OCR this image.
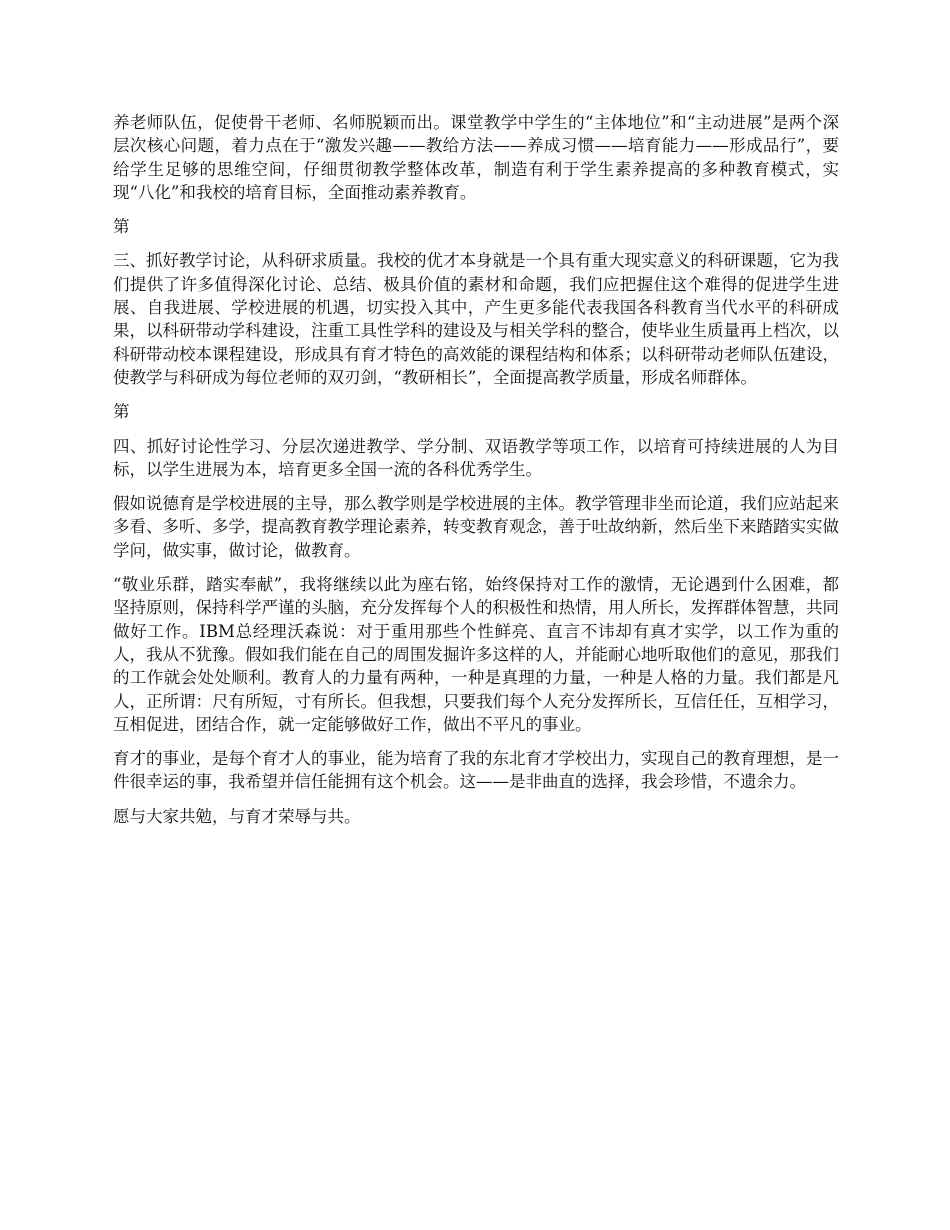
养老师队伍，促使骨干老师、名师脱颖而出。课堂教学中学生的“主体地位”和“主动进展”是两个深层次核心问题，着力点在于“激发兴趣——教给方法——养成习惯——培育能力——形成品行”，要给学生足够的思维空间，仔细贯彻教学整体改革，制造有利于学生素养提高的多种教育模式，实现“八化”和我校的培育目标，全面推动素养教育。

第

三、抓好教学讨论，从科研求质量。我校的优才本身就是一个具有重大现实意义的科研课题，它为我们提供了许多值得深化讨论、总结、极具价值的素材和命题，我们应把握住这个难得的促进学生进展、自我进展、学校进展的机遇，切实投入其中，产生更多能代表我国各科教育当代水平的科研成果，以科研带动学科建设，注重工具性学科的建设及与相关学科的整合，使毕业生质量再上档次，以科研带动校本课程建设，形成具有育才特色的高效能的课程结构和体系；以科研带动老师队伍建设，使教学与科研成为每位老师的双刃剑，“教研相长”，全面提高教学质量，形成名师群体。

第

四、抓好讨论性学习、分层次递进教学、学分制、双语教学等项工作，以培育可持续进展的人为目标，以学生进展为本，培育更多全国一流的各科优秀学生。

假如说德育是学校进展的主导，那么教学则是学校进展的主体。教学管理非坐而论道，我们应站起来多看、多听、多学，提高教育教学理论素养，转变教育观念，善于吐故纳新，然后坐下来踏踏实实做学问，做实事，做讨论，做教育。

“敬业乐群，踏实奉献”，我将继续以此为座右铭，始终保持对工作的激情，无论遇到什么困难，都坚持原则，保持科学严谨的头脑，充分发挥每个人的积极性和热情，用人所长，发挥群体智慧，共同做好工作。IBM总经理沃森说：对于重用那些个性鲜亮、直言不讳却有真才实学，以工作为重的人，我从不犹豫。假如我们能在自己的周围发掘许多这样的人，并能耐心地听取他们的意见，那我们的工作就会处处顺利。教育人的力量有两种，一种是真理的力量，一种是人格的力量。我们都是凡人，正所谓：尺有所短，寸有所长。但我想，只要我们每个人充分发挥所长，互信任任，互相学习，互相促进，团结合作，就一定能够做好工作，做出不平凡的事业。

育才的事业，是每个育才人的事业，能为培育了我的东北育才学校出力，实现自己的教育理想，是一件很幸运的事，我希望并信任能拥有这个机会。这——是非曲直的选择，我会珍惜，不遗余力。

愿与大家共勉，与育才荣辱与共。
